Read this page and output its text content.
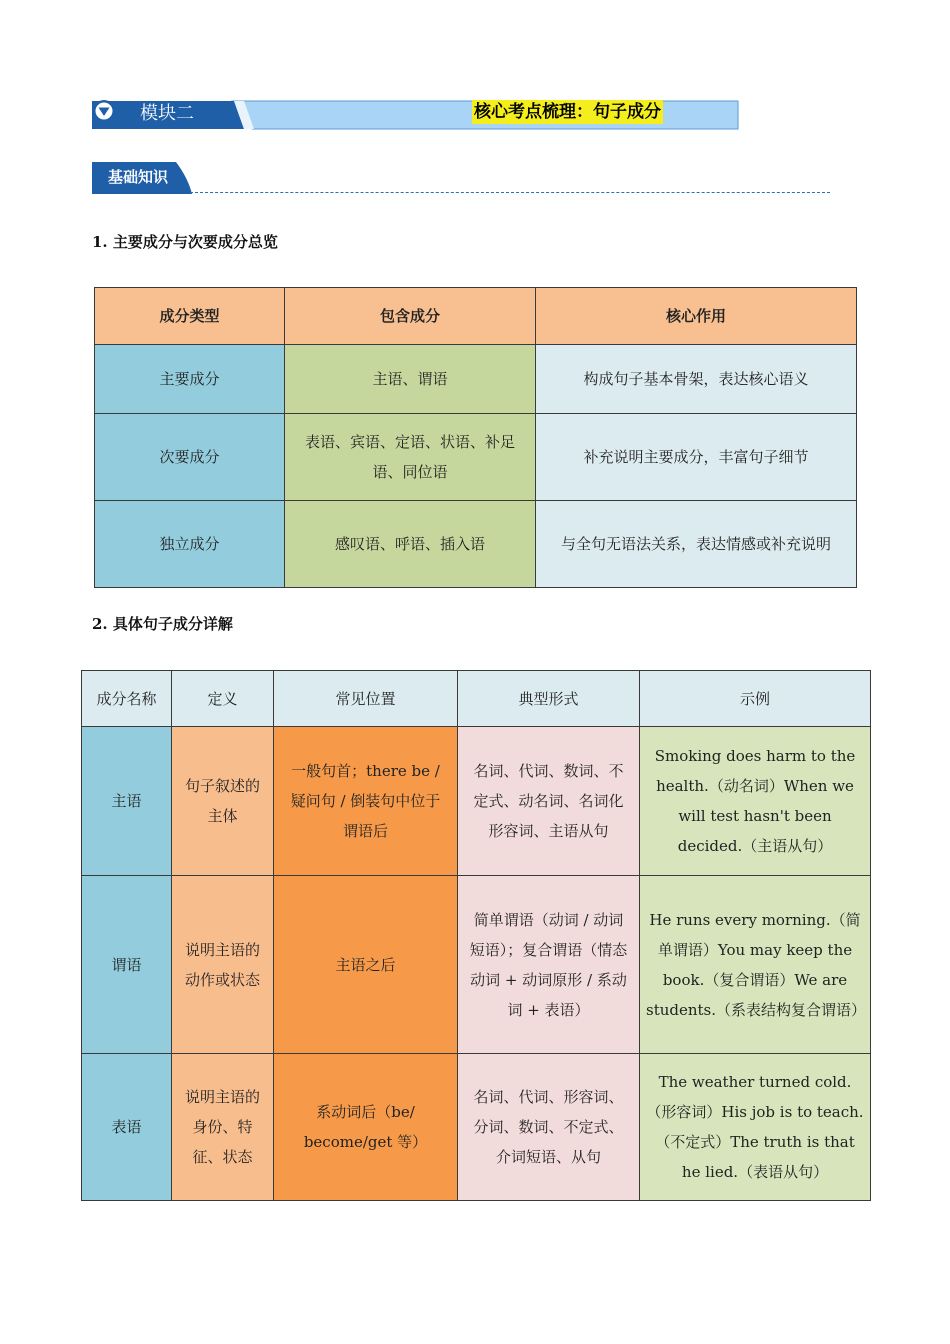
模块二	核心考点梳理：句子成分
基础知识
1. 主要成分与次要成分总览
成分类型	包含成分	核心作用
主要成分	主语、谓语	构成句子基本骨架，表达核心语义
次要成分	表语、宾语、定语、状语、补足语、同位语	补充说明主要成分，丰富句子细节
独立成分	感叹语、呼语、插入语	与全句无语法关系，表达情感或补充说明
2. 具体句子成分详解
成分名称	定义	常见位置	典型形式	示例
主语	句子叙述的主体	一般句首；there be / 疑问句 / 倒装句中位于谓语后	名词、代词、数词、不定式、动名词、名词化形容词、主语从句	Smoking does harm to the health.（动名词）When we will test hasn't been decided.（主语从句）
谓语	说明主语的动作或状态	主语之后	简单谓语（动词 / 动词短语）；复合谓语（情态动词 + 动词原形 / 系动词 + 表语）	He runs every morning.（简单谓语）You may keep the book.（复合谓语）We are students.（系表结构复合谓语）
表语	说明主语的身份、特征、状态	系动词后（be/ become/get 等）	名词、代词、形容词、分词、数词、不定式、介词短语、从句	The weather turned cold.（形容词）His job is to teach.（不定式）The truth is that he lied.（表语从句）
